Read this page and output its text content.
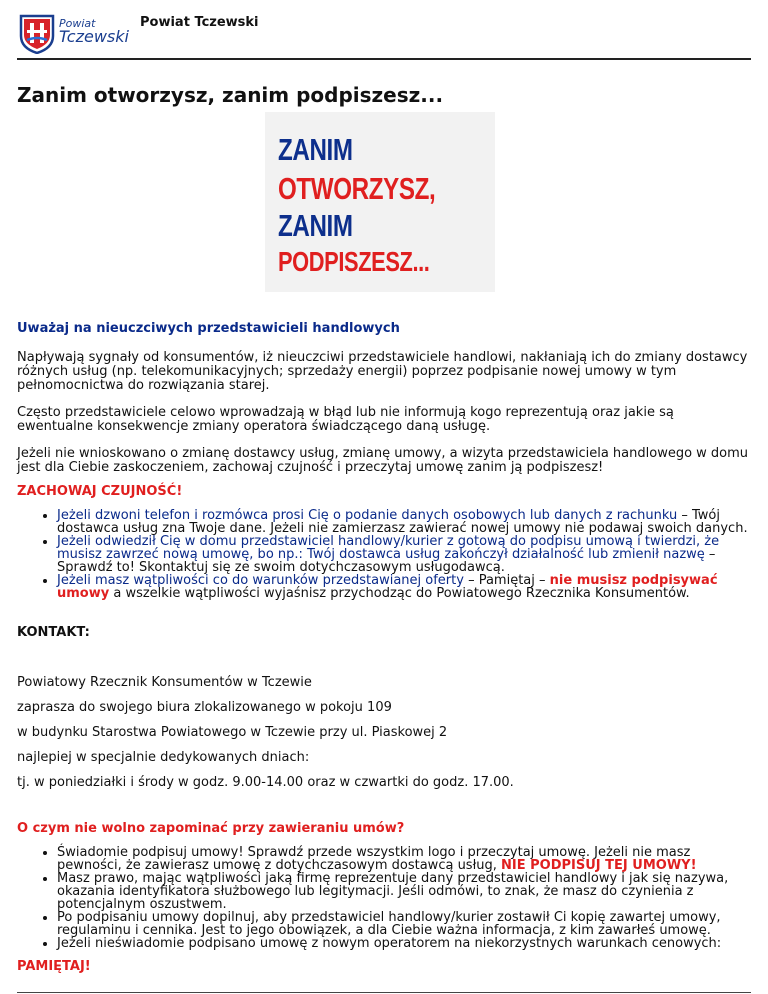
Powiat
Tczewski
Powiat Tczewski
Zanim otworzysz, zanim podpiszesz...
ZANIM
OTWORZYSZ,
ZANIM
PODPISZESZ...

Uważaj na nieuczciwych przedstawicieli handlowych

Napływają sygnały od konsumentów, iż nieuczciwi przedstawiciele handlowi, nakłaniają ich do zmiany dostawcy różnych usług (np. telekomunikacyjnych; sprzedaży energii) poprzez podpisanie nowej umowy w tym pełnomocnictwa do rozwiązania starej.

Często przedstawiciele celowo wprowadzają w błąd lub nie informują kogo reprezentują oraz jakie są ewentualne konsekwencje zmiany operatora świadczącego daną usługę.

Jeżeli nie wnioskowano o zmianę dostawcy usług, zmianę umowy, a wizyta przedstawiciela handlowego w domu jest dla Ciebie zaskoczeniem, zachowaj czujność i przeczytaj umowę zanim ją podpiszesz!

ZACHOWAJ CZUJNOŚĆ!

• Jeżeli dzwoni telefon i rozmówca prosi Cię o podanie danych osobowych lub danych z rachunku – Twój dostawca usług zna Twoje dane. Jeżeli nie zamierzasz zawierać nowej umowy nie podawaj swoich danych.
• Jeżeli odwiedził Cię w domu przedstawiciel handlowy/kurier z gotową do podpisu umową i twierdzi, że musisz zawrzeć nową umowę, bo np.: Twój dostawca usług zakończył działalność lub zmienił nazwę – Sprawdź to! Skontaktuj się ze swoim dotychczasowym usługodawcą.
• Jeżeli masz wątpliwości co do warunków przedstawianej oferty – Pamiętaj – nie musisz podpisywać umowy a wszelkie wątpliwości wyjaśnisz przychodząc do Powiatowego Rzecznika Konsumentów.

KONTAKT:

Powiatowy Rzecznik Konsumentów w Tczewie

zaprasza do swojego biura zlokalizowanego w pokoju 109

w budynku Starostwa Powiatowego w Tczewie przy ul. Piaskowej 2

najlepiej w specjalnie dedykowanych dniach:

tj. w poniedziałki i środy w godz. 9.00-14.00 oraz w czwartki do godz. 17.00.

O czym nie wolno zapominać przy zawieraniu umów?

• Świadomie podpisuj umowy! Sprawdź przede wszystkim logo i przeczytaj umowę. Jeżeli nie masz pewności, że zawierasz umowę z dotychczasowym dostawcą usług, NIE PODPISUJ TEJ UMOWY!
• Masz prawo, mając wątpliwości jaką firmę reprezentuje dany przedstawiciel handlowy i jak się nazywa, okazania identyfikatora służbowego lub legitymacji. Jeśli odmówi, to znak, że masz do czynienia z potencjalnym oszustwem.
• Po podpisaniu umowy dopilnuj, aby przedstawiciel handlowy/kurier zostawił Ci kopię zawartej umowy, regulaminu i cennika. Jest to jego obowiązek, a dla Ciebie ważna informacja, z kim zawarłeś umowę.
• Jeżeli nieświadomie podpisano umowę z nowym operatorem na niekorzystnych warunkach cenowych:

PAMIĘTAJ!
